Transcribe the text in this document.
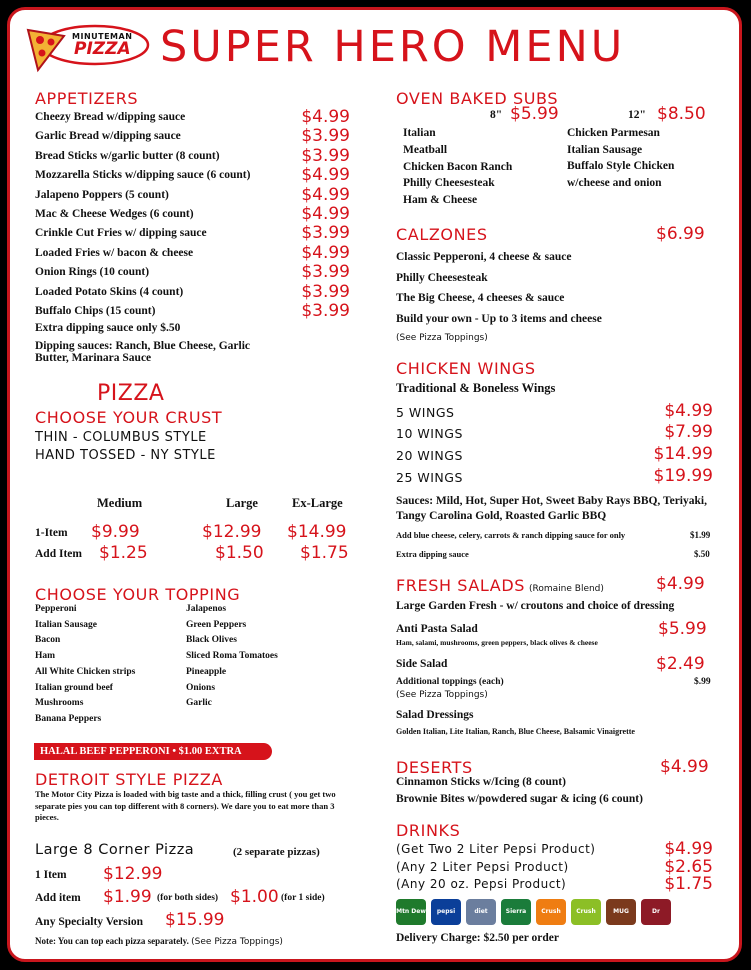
MINUTEMAN
PIZZA SUPER HERO MENU
APPETIZERS
Cheezy Bread w/dipping sauce	$4.99
Garlic Bread w/dipping sauce	$3.99
Bread Sticks w/garlic butter (8 count)	$3.99
Mozzarella Sticks w/dipping sauce (6 count)	$4.99
Jalapeno Poppers (5 count)	$4.99
Mac & Cheese Wedges (6 count)	$4.99
Crinkle Cut Fries w/ dipping sauce	$3.99
Loaded Fries w/ bacon & cheese	$4.99
Onion Rings (10 count)	$3.99
Loaded Potato Skins (4 count)	$3.99
Buffalo Chips (15 count)	$3.99
Extra dipping sauce only $.50
Dipping sauces: Ranch, Blue Cheese, Garlic Butter, Marinara Sauce
PIZZA
CHOOSE YOUR CRUST
THIN - COLUMBUS STYLE
HAND TOSSED - NY STYLE
Medium	Large	Ex-Large
1-Item $9.99	$12.99 $14.99
Add Item $1.25	$1.50 $1.75
CHOOSE YOUR TOPPING
Pepperoni
Italian Sausage
Bacon
Ham
All White Chicken strips
Italian ground beef
Mushrooms
Banana Peppers
Jalapenos
Green Peppers
Black Olives
Sliced Roma Tomatoes
Pineapple
Onions
Garlic
HALAL BEEF PEPPERONI • $1.00 EXTRA
DETROIT STYLE PIZZA
The Motor City Pizza is loaded with big taste and a thick, filling crust ( you get two separate pies you can top different with 8 corners). We dare you to eat more than 3 pieces.
Large 8 Corner Pizza	(2 separate pizzas)
1 Item $12.99
Add item $1.99 (for both sides) $1.00 (for 1 side)
Any Specialty Version $15.99
Note: You can top each pizza separately. (See Pizza Toppings)
OVEN BAKED SUBS
8" $5.99	12" $8.50
Italian
Meatball
Chicken Bacon Ranch
Philly Cheesesteak
Ham & Cheese
Chicken Parmesan
Italian Sausage
Buffalo Style Chicken
w/cheese and onion
CALZONES	$6.99
Classic Pepperoni, 4 cheese & sauce
Philly Cheesesteak
The Big Cheese, 4 cheeses & sauce
Build your own - Up to 3 items and cheese
(See Pizza Toppings)
CHICKEN WINGS
Traditional & Boneless Wings
5 WINGS	$4.99
10 WINGS	$7.99
20 WINGS	$14.99
25 WINGS	$19.99
Sauces: Mild, Hot, Super Hot, Sweet Baby Rays BBQ, Teriyaki, Tangy Carolina Gold, Roasted Garlic BBQ
Add blue cheese, celery, carrots & ranch dipping sauce for only	$1.99
Extra dipping sauce	$.50
FRESH SALADS (Romaine Blend)	$4.99
Large Garden Fresh - w/ croutons and choice of dressing
Anti Pasta Salad	$5.99
Ham, salami, mushrooms, green peppers, black olives & cheese
Side Salad	$2.49
Additional toppings (each)	$.99
(See Pizza Toppings)
Salad Dressings
Golden Italian, Lite Italian, Ranch, Blue Cheese, Balsamic Vinaigrette
DESERTS	$4.99
Cinnamon Sticks w/Icing (8 count)
Brownie Bites w/powdered sugar & icing (6 count)
DRINKS
(Get Two 2 Liter Pepsi Product)	$4.99
(Any 2 Liter Pepsi Product)	$2.65
(Any 20 oz. Pepsi Product)	$1.75
Mtn Dew	pepsi	diet	Sierra	Crush	Crush	MUG	Dr
Delivery Charge: $2.50 per order
